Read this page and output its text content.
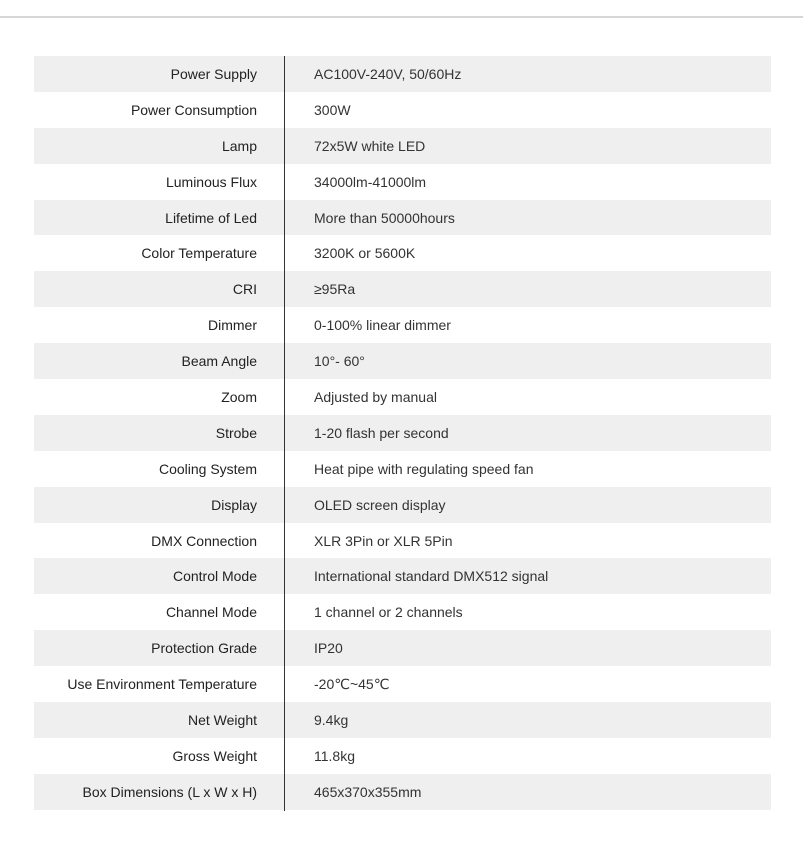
Power Supply	AC100V-240V, 50/60Hz
Power Consumption	300W
Lamp	72x5W white LED
Luminous Flux	34000lm-41000lm
Lifetime of Led	More than 50000hours
Color Temperature	3200K or 5600K
CRI	≥95Ra
Dimmer	0-100% linear dimmer
Beam Angle	10°- 60°
Zoom	Adjusted by manual
Strobe	1-20 flash per second
Cooling System	Heat pipe with regulating speed fan
Display	OLED screen display
DMX Connection	XLR 3Pin or XLR 5Pin
Control Mode	International standard DMX512 signal
Channel Mode	1 channel or 2 channels
Protection Grade	IP20
Use Environment Temperature	-20℃~45℃
Net Weight	9.4kg
Gross Weight	11.8kg
Box Dimensions (L x W x H)	465x370x355mm
